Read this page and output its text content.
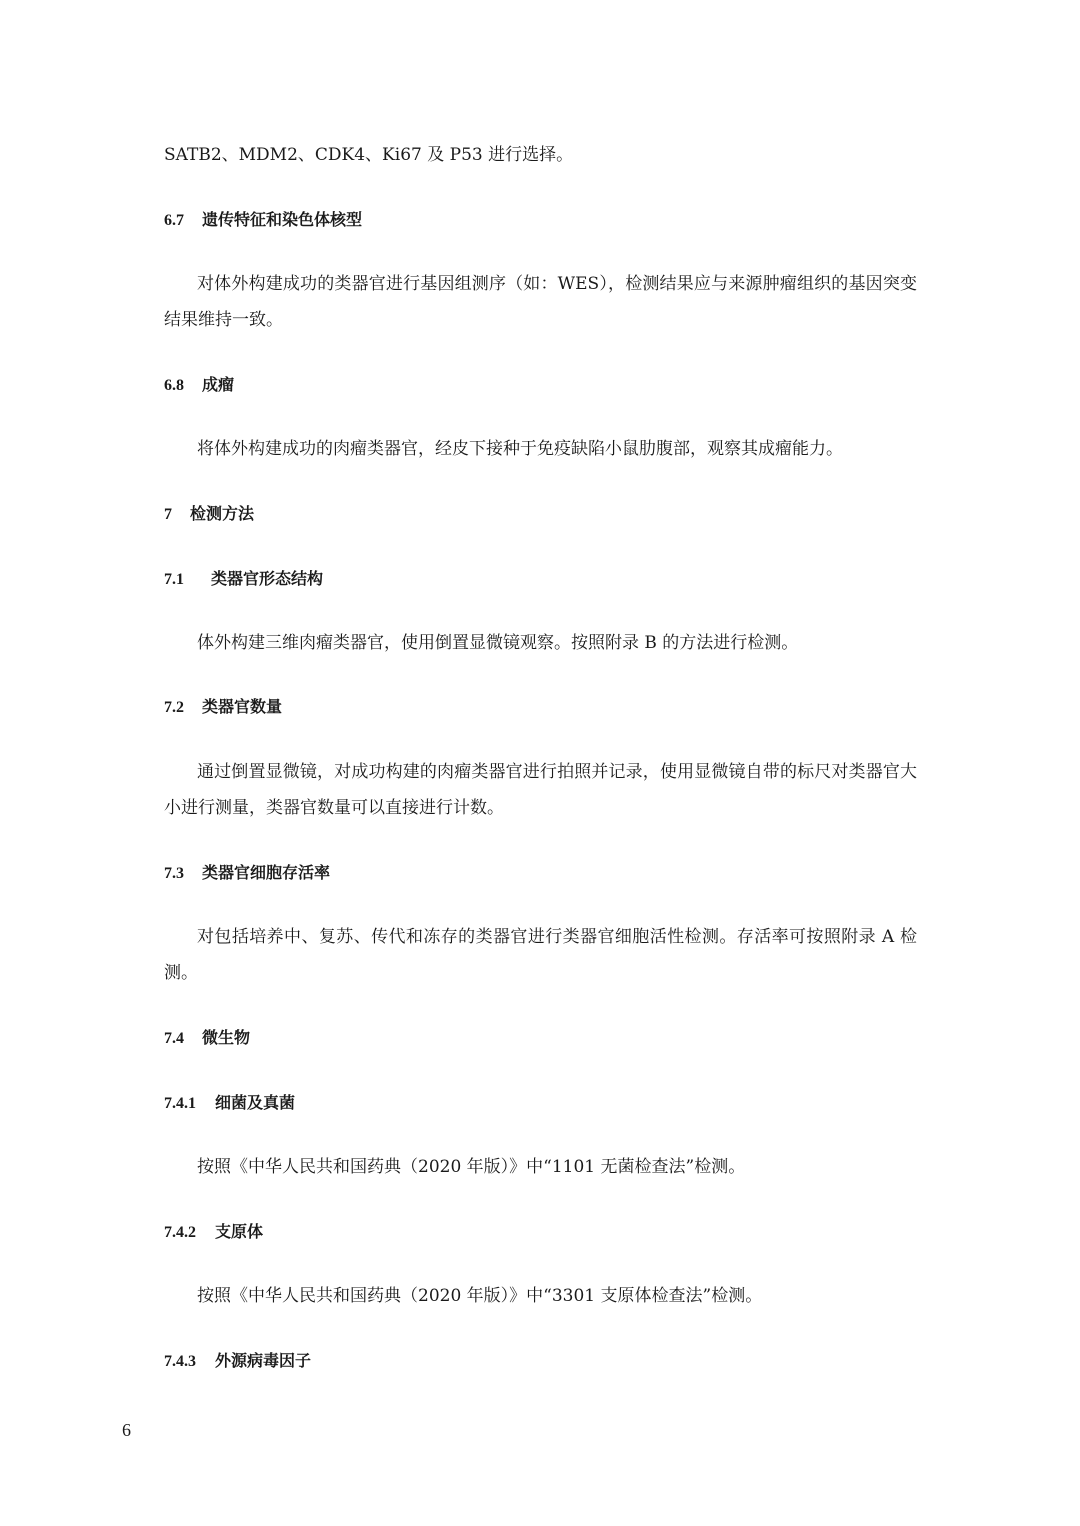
SATB2、MDM2、CDK4、Ki67 及 P53 进行选择。
6.7 遗传特征和染色体核型
对体外构建成功的类器官进行基因组测序（如：WES），检测结果应与来源肿瘤组织的基因突变
结果维持一致。
6.8 成瘤
将体外构建成功的肉瘤类器官，经皮下接种于免疫缺陷小鼠肋腹部，观察其成瘤能力。
7 检测方法
7.1 类器官形态结构
体外构建三维肉瘤类器官，使用倒置显微镜观察。按照附录 B 的方法进行检测。
7.2 类器官数量
通过倒置显微镜，对成功构建的肉瘤类器官进行拍照并记录，使用显微镜自带的标尺对类器官大
小进行测量，类器官数量可以直接进行计数。
7.3 类器官细胞存活率
对包括培养中、复苏、传代和冻存的类器官进行类器官细胞活性检测。存活率可按照附录 A 检
测。
7.4 微生物
7.4.1 细菌及真菌
按照《中华人民共和国药典（2020 年版）》中“1101 无菌检查法”检测。
7.4.2 支原体
按照《中华人民共和国药典（2020 年版）》中“3301 支原体检查法”检测。
7.4.3 外源病毒因子
6
